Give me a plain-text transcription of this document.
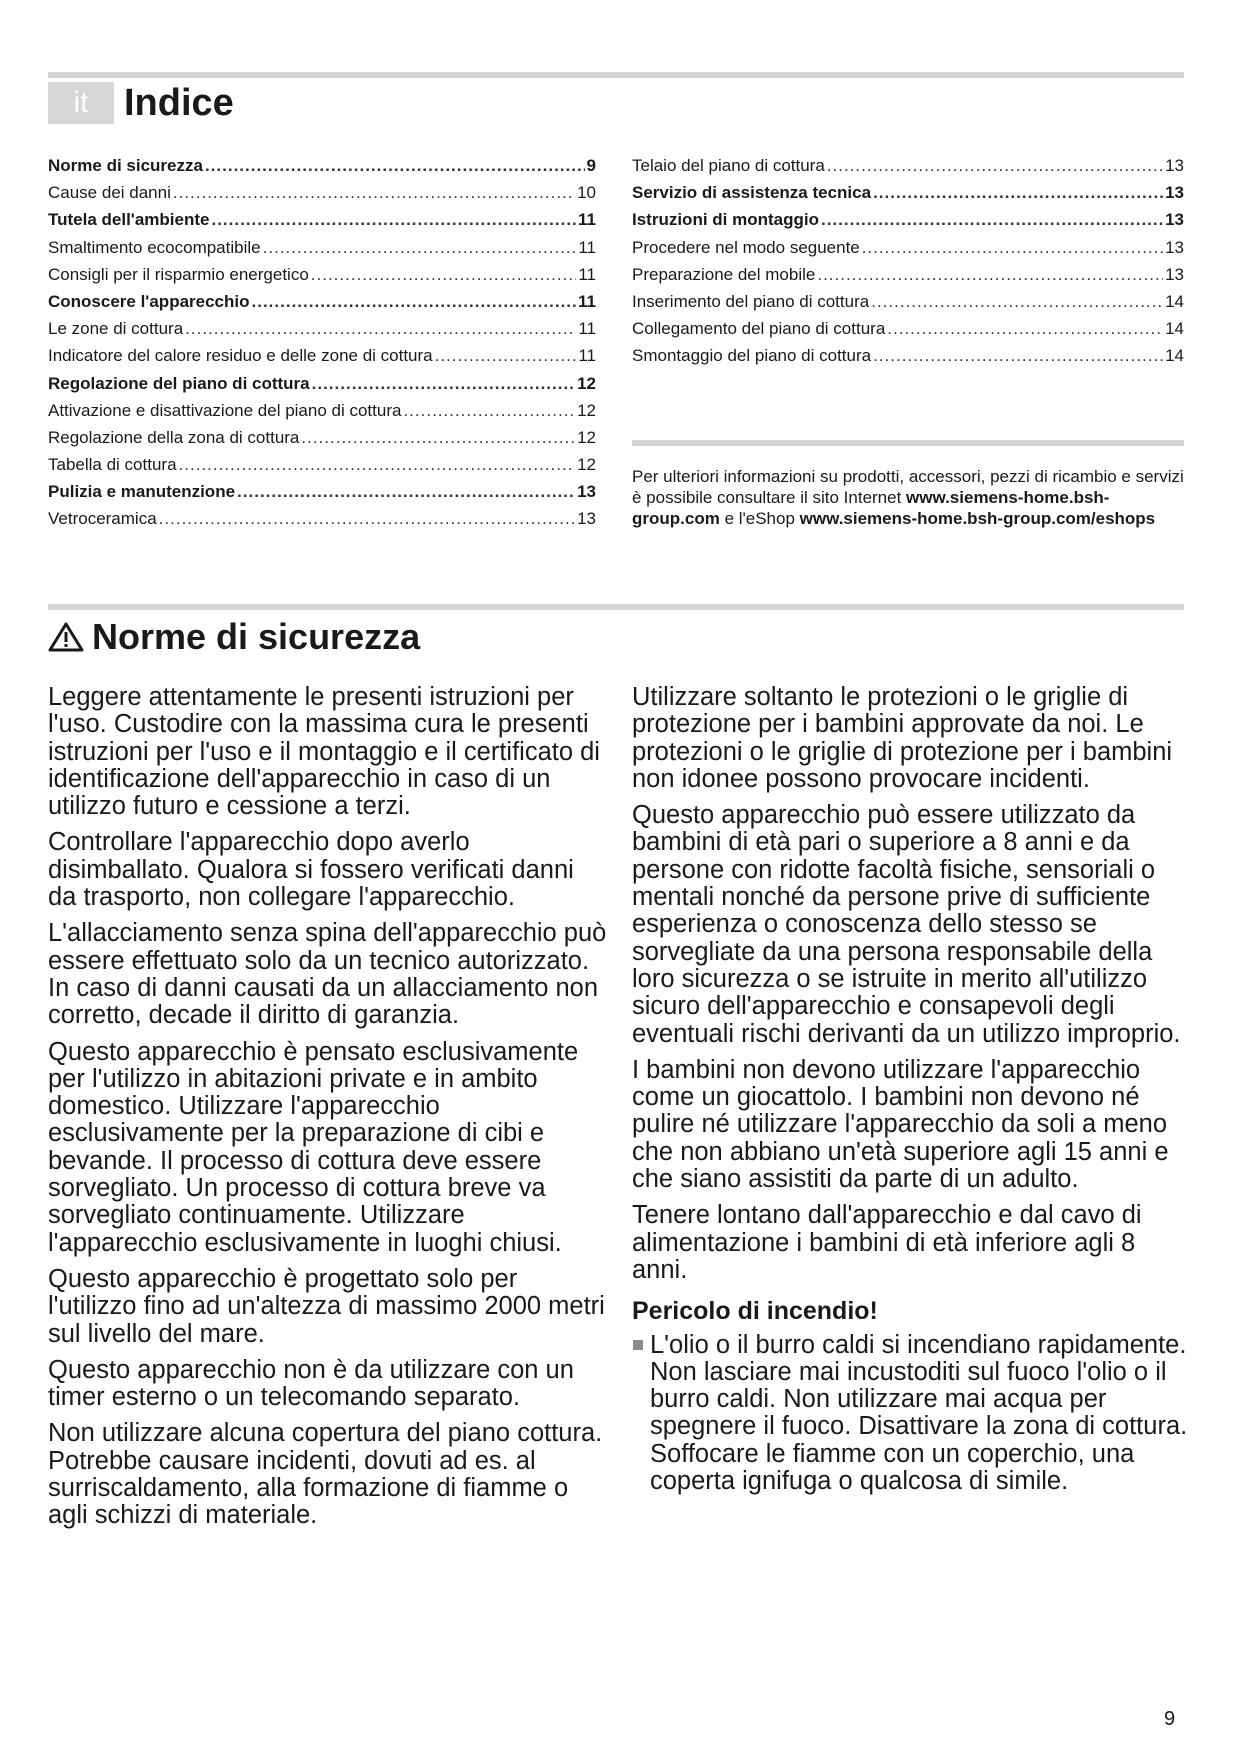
it Indice
Norme di sicurezza .....	9
Cause dei danni .....	10
Tutela dell'ambiente .....	11
Smaltimento ecocompatibile .....	11
Consigli per il risparmio energetico .....	11
Conoscere l'apparecchio .....	11
Le zone di cottura .....	11
Indicatore del calore residuo e delle zone di cottura .....	11
Regolazione del piano di cottura .....	12
Attivazione e disattivazione del piano di cottura .....	12
Regolazione della zona di cottura .....	12
Tabella di cottura .....	12
Pulizia e manutenzione .....	13
Vetroceramica .....	13
Telaio del piano di cottura .....	13
Servizio di assistenza tecnica .....	13
Istruzioni di montaggio .....	13
Procedere nel modo seguente .....	13
Preparazione del mobile .....	13
Inserimento del piano di cottura .....	14
Collegamento del piano di cottura .....	14
Smontaggio del piano di cottura .....	14

Per ulteriori informazioni su prodotti, accessori, pezzi di ricambio e servizi è possibile consultare il sito Internet www.siemens-home.bsh-group.com e l'eShop www.siemens-home.bsh-group.com/eshops

Norme di sicurezza

Leggere attentamente le presenti istruzioni per l'uso. Custodire con la massima cura le presenti istruzioni per l'uso e il montaggio e il certificato di identificazione dell'apparecchio in caso di un utilizzo futuro e cessione a terzi.

Controllare l'apparecchio dopo averlo disimballato. Qualora si fossero verificati danni da trasporto, non collegare l'apparecchio.

L'allacciamento senza spina dell'apparecchio può essere effettuato solo da un tecnico autorizzato. In caso di danni causati da un allacciamento non corretto, decade il diritto di garanzia.

Questo apparecchio è pensato esclusivamente per l'utilizzo in abitazioni private e in ambito domestico. Utilizzare l'apparecchio esclusivamente per la preparazione di cibi e bevande. Il processo di cottura deve essere sorvegliato. Un processo di cottura breve va sorvegliato continuamente. Utilizzare l'apparecchio esclusivamente in luoghi chiusi.

Questo apparecchio è progettato solo per l'utilizzo fino ad un'altezza di massimo 2000 metri sul livello del mare.

Questo apparecchio non è da utilizzare con un timer esterno o un telecomando separato.

Non utilizzare alcuna copertura del piano cottura. Potrebbe causare incidenti, dovuti ad es. al surriscaldamento, alla formazione di fiamme o agli schizzi di materiale.

Utilizzare soltanto le protezioni o le griglie di protezione per i bambini approvate da noi. Le protezioni o le griglie di protezione per i bambini non idonee possono provocare incidenti.

Questo apparecchio può essere utilizzato da bambini di età pari o superiore a 8 anni e da persone con ridotte facoltà fisiche, sensoriali o mentali nonché da persone prive di sufficiente esperienza o conoscenza dello stesso se sorvegliate da una persona responsabile della loro sicurezza o se istruite in merito all'utilizzo sicuro dell'apparecchio e consapevoli degli eventuali rischi derivanti da un utilizzo improprio.

I bambini non devono utilizzare l'apparecchio come un giocattolo. I bambini non devono né pulire né utilizzare l'apparecchio da soli a meno che non abbiano un'età superiore agli 15 anni e che siano assistiti da parte di un adulto.

Tenere lontano dall'apparecchio e dal cavo di alimentazione i bambini di età inferiore agli 8 anni.

Pericolo di incendio!

L'olio o il burro caldi si incendiano rapidamente. Non lasciare mai incustoditi sul fuoco l'olio o il burro caldi. Non utilizzare mai acqua per spegnere il fuoco. Disattivare la zona di cottura. Soffocare le fiamme con un coperchio, una coperta ignifuga o qualcosa di simile.

9
